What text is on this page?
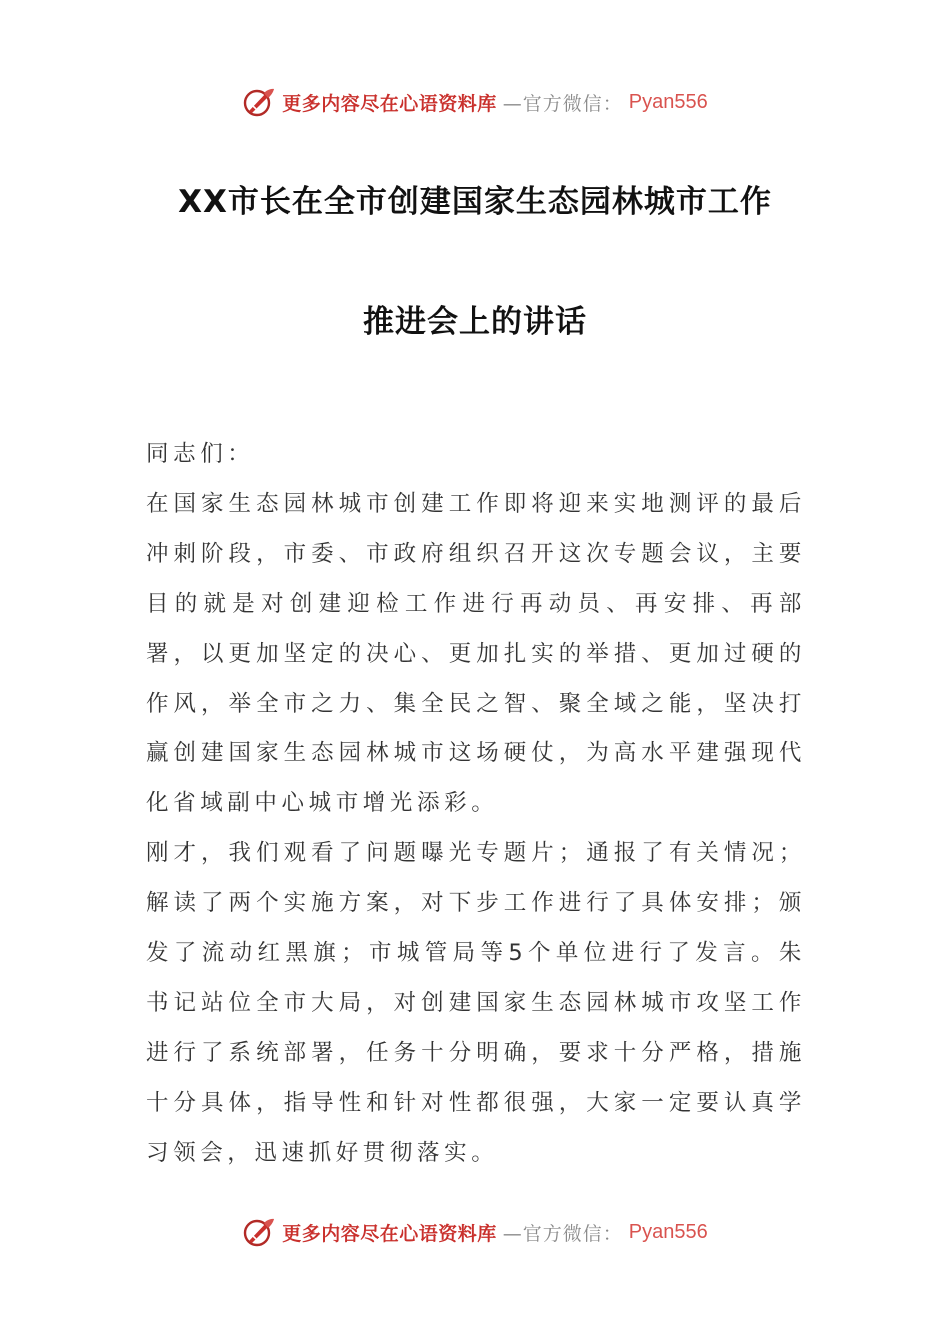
更多内容尽在心语资料库 —官方微信： Pyan556
XX市长在全市创建国家生态园林城市工作
推进会上的讲话

同志们：

在国家生态园林城市创建工作即将迎来实地测评的最后冲刺阶段，市委、市政府组织召开这次专题会议，主要目的就是对创建迎检工作进行再动员、再安排、再部署，以更加坚定的决心、更加扎实的举措、更加过硬的作风，举全市之力、集全民之智、聚全域之能，坚决打赢创建国家生态园林城市这场硬仗，为高水平建强现代化省域副中心城市增光添彩。

刚才，我们观看了问题曝光专题片；通报了有关情况；解读了两个实施方案，对下步工作进行了具体安排；颁发了流动红黑旗；市城管局等5个单位进行了发言。朱书记站位全市大局，对创建国家生态园林城市攻坚工作进行了系统部署，任务十分明确，要求十分严格，措施十分具体，指导性和针对性都很强，大家一定要认真学习领会，迅速抓好贯彻落实。

更多内容尽在心语资料库 —官方微信： Pyan556
